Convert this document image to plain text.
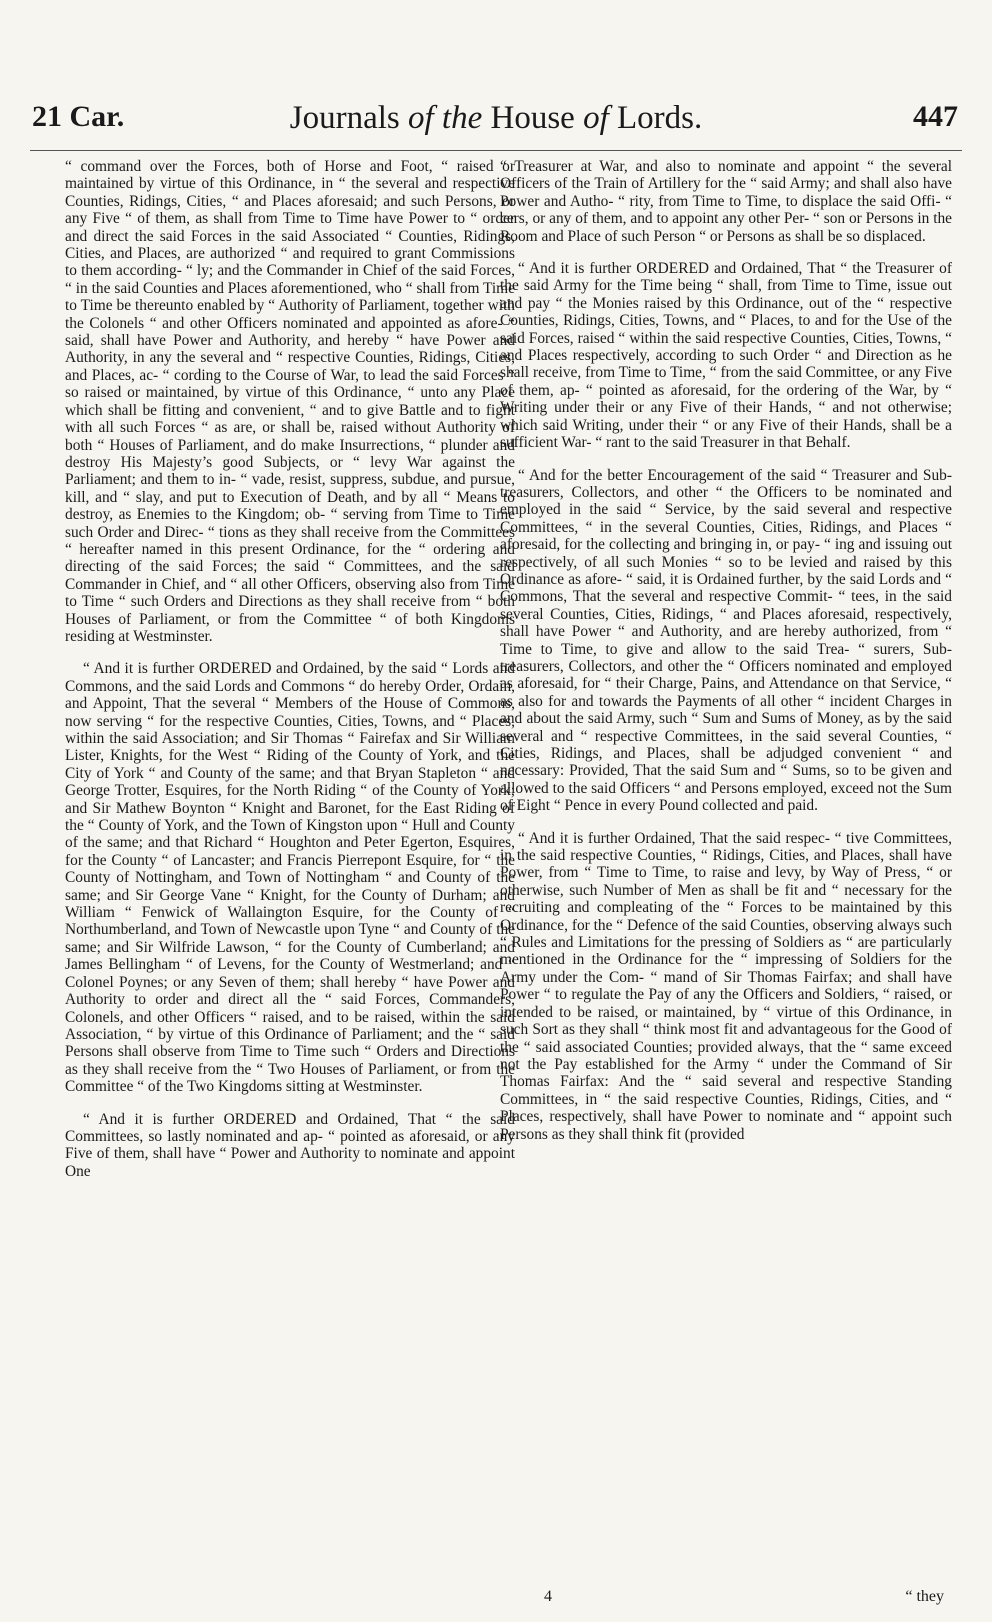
21 Car.	Journals of the House of Lords.	447

“ command over the Forces, both of Horse and Foot, “ raised or maintained by virtue of this Ordinance, in “ the several and respective Counties, Ridings, Cities, “ and Places aforesaid; and such Persons, or any Five “ of them, as shall from Time to Time have Power to “ order and direct the said Forces in the said Associated “ Counties, Ridings, Cities, and Places, are authorized “ and required to grant Commissions to them according- “ ly; and the Commander in Chief of the said Forces, “ in the said Counties and Places aforementioned, who “ shall from Time to Time be thereunto enabled by “ Authority of Parliament, together with the Colonels “ and other Officers nominated and appointed as afore- “ said, shall have Power and Authority, and hereby “ have Power and Authority, in any the several and “ respective Counties, Ridings, Cities, and Places, ac- “ cording to the Course of War, to lead the said Forces “ so raised or maintained, by virtue of this Ordinance, “ unto any Place which shall be fitting and convenient, “ and to give Battle and to fight with all such Forces “ as are, or shall be, raised without Authority of both “ Houses of Parliament, and do make Insurrections, “ plunder and destroy His Majesty’s good Subjects, or “ levy War against the Parliament; and them to in- “ vade, resist, suppress, subdue, and pursue, kill, and “ slay, and put to Execution of Death, and by all “ Means to destroy, as Enemies to the Kingdom; ob- “ serving from Time to Time such Order and Direc- “ tions as they shall receive from the Committees “ hereafter named in this present Ordinance, for the “ ordering and directing of the said Forces; the said “ Committees, and the said Commander in Chief, and “ all other Officers, observing also from Time to Time “ such Orders and Directions as they shall receive from “ both Houses of Parliament, or from the Committee “ of both Kingdoms residing at Westminster.

“ And it is further ORDERED and Ordained, by the said “ Lords and Commons, and the said Lords and Commons “ do hereby Order, Ordain, and Appoint, That the several “ Members of the House of Commons, now serving “ for the respective Counties, Cities, Towns, and “ Places, within the said Association; and Sir Thomas “ Fairefax and Sir William Lister, Knights, for the West “ Riding of the County of York, and the City of York “ and County of the same; and that Bryan Stapleton “ and George Trotter, Esquires, for the North Riding “ of the County of York; and Sir Mathew Boynton “ Knight and Baronet, for the East Riding of the “ County of York, and the Town of Kingston upon “ Hull and County of the same; and that Richard “ Houghton and Peter Egerton, Esquires, for the County “ of Lancaster; and Francis Pierrepont Esquire, for “ the County of Nottingham, and Town of Nottingham “ and County of the same; and Sir George Vane “ Knight, for the County of Durham; and William “ Fenwick of Wallaington Esquire, for the County of “ Northumberland, and Town of Newcastle upon Tyne “ and County of the same; and Sir Wilfride Lawson, “ for the County of Cumberland; and James Bellingham “ of Levens, for the County of Westmerland; and “ Colonel Poynes; or any Seven of them; shall hereby “ have Power and Authority to order and direct all the “ said Forces, Commanders, Colonels, and other Officers “ raised, and to be raised, within the said Association, “ by virtue of this Ordinance of Parliament; and the “ said Persons shall observe from Time to Time such “ Orders and Directions as they shall receive from the “ Two Houses of Parliament, or from the Committee “ of the Two Kingdoms sitting at Westminster.

“ And it is further ORDERED and Ordained, That “ the said Committees, so lastly nominated and ap- “ pointed as aforesaid, or any Five of them, shall have “ Power and Authority to nominate and appoint One

“ Treasurer at War, and also to nominate and appoint “ the several Officers of the Train of Artillery for the “ said Army; and shall also have Power and Autho- “ rity, from Time to Time, to displace the said Offi- “ cers, or any of them, and to appoint any other Per- “ son or Persons in the Room and Place of such Person “ or Persons as shall be so displaced.

“ And it is further ORDERED and Ordained, That “ the Treasurer of the said Army for the Time being “ shall, from Time to Time, issue out and pay “ the Monies raised by this Ordinance, out of the “ respective Counties, Ridings, Cities, Towns, and “ Places, to and for the Use of the said Forces, raised “ within the said respective Counties, Cities, Towns, “ and Places respectively, according to such Order “ and Direction as he shall receive, from Time to Time, “ from the said Committee, or any Five of them, ap- “ pointed as aforesaid, for the ordering of the War, by “ Writing under their or any Five of their Hands, “ and not otherwise; which said Writing, under their “ or any Five of their Hands, shall be a sufficient War- “ rant to the said Treasurer in that Behalf.

“ And for the better Encouragement of the said “ Treasurer and Sub-treasurers, Collectors, and other “ the Officers to be nominated and employed in the said “ Service, by the said several and respective Committees, “ in the several Counties, Cities, Ridings, and Places “ aforesaid, for the collecting and bringing in, or pay- “ ing and issuing out respectively, of all such Monies “ so to be levied and raised by this Ordinance as afore- “ said, it is Ordained further, by the said Lords and “ Commons, That the several and respective Commit- “ tees, in the said several Counties, Cities, Ridings, “ and Places aforesaid, respectively, shall have Power “ and Authority, and are hereby authorized, from “ Time to Time, to give and allow to the said Trea- “ surers, Sub-treasurers, Collectors, and other the “ Officers nominated and employed as aforesaid, for “ their Charge, Pains, and Attendance on that Service, “ as also for and towards the Payments of all other “ incident Charges in and about the said Army, such “ Sum and Sums of Money, as by the said several and “ respective Committees, in the said several Counties, “ Cities, Ridings, and Places, shall be adjudged convenient “ and necessary: Provided, That the said Sum and “ Sums, so to be given and allowed to the said Officers “ and Persons employed, exceed not the Sum of Eight “ Pence in every Pound collected and paid.

“ And it is further Ordained, That the said respec- “ tive Committees, in the said respective Counties, “ Ridings, Cities, and Places, shall have Power, from “ Time to Time, to raise and levy, by Way of Press, “ or otherwise, such Number of Men as shall be fit and “ necessary for the recruiting and compleating of the “ Forces to be maintained by this Ordinance, for the “ Defence of the said Counties, observing always such “ Rules and Limitations for the pressing of Soldiers as “ are particularly mentioned in the Ordinance for the “ impressing of Soldiers for the Army under the Com- “ mand of Sir Thomas Fairfax; and shall have Power “ to regulate the Pay of any the Officers and Soldiers, “ raised, or intended to be raised, or maintained, by “ virtue of this Ordinance, in such Sort as they shall “ think most fit and advantageous for the Good of the “ said associated Counties; provided always, that the “ same exceed not the Pay established for the Army “ under the Command of Sir Thomas Fairfax: And the “ said several and respective Standing Committees, in “ the said respective Counties, Ridings, Cities, and “ Places, respectively, shall have Power to nominate and “ appoint such Persons as they shall think fit (provided

4	“ they
